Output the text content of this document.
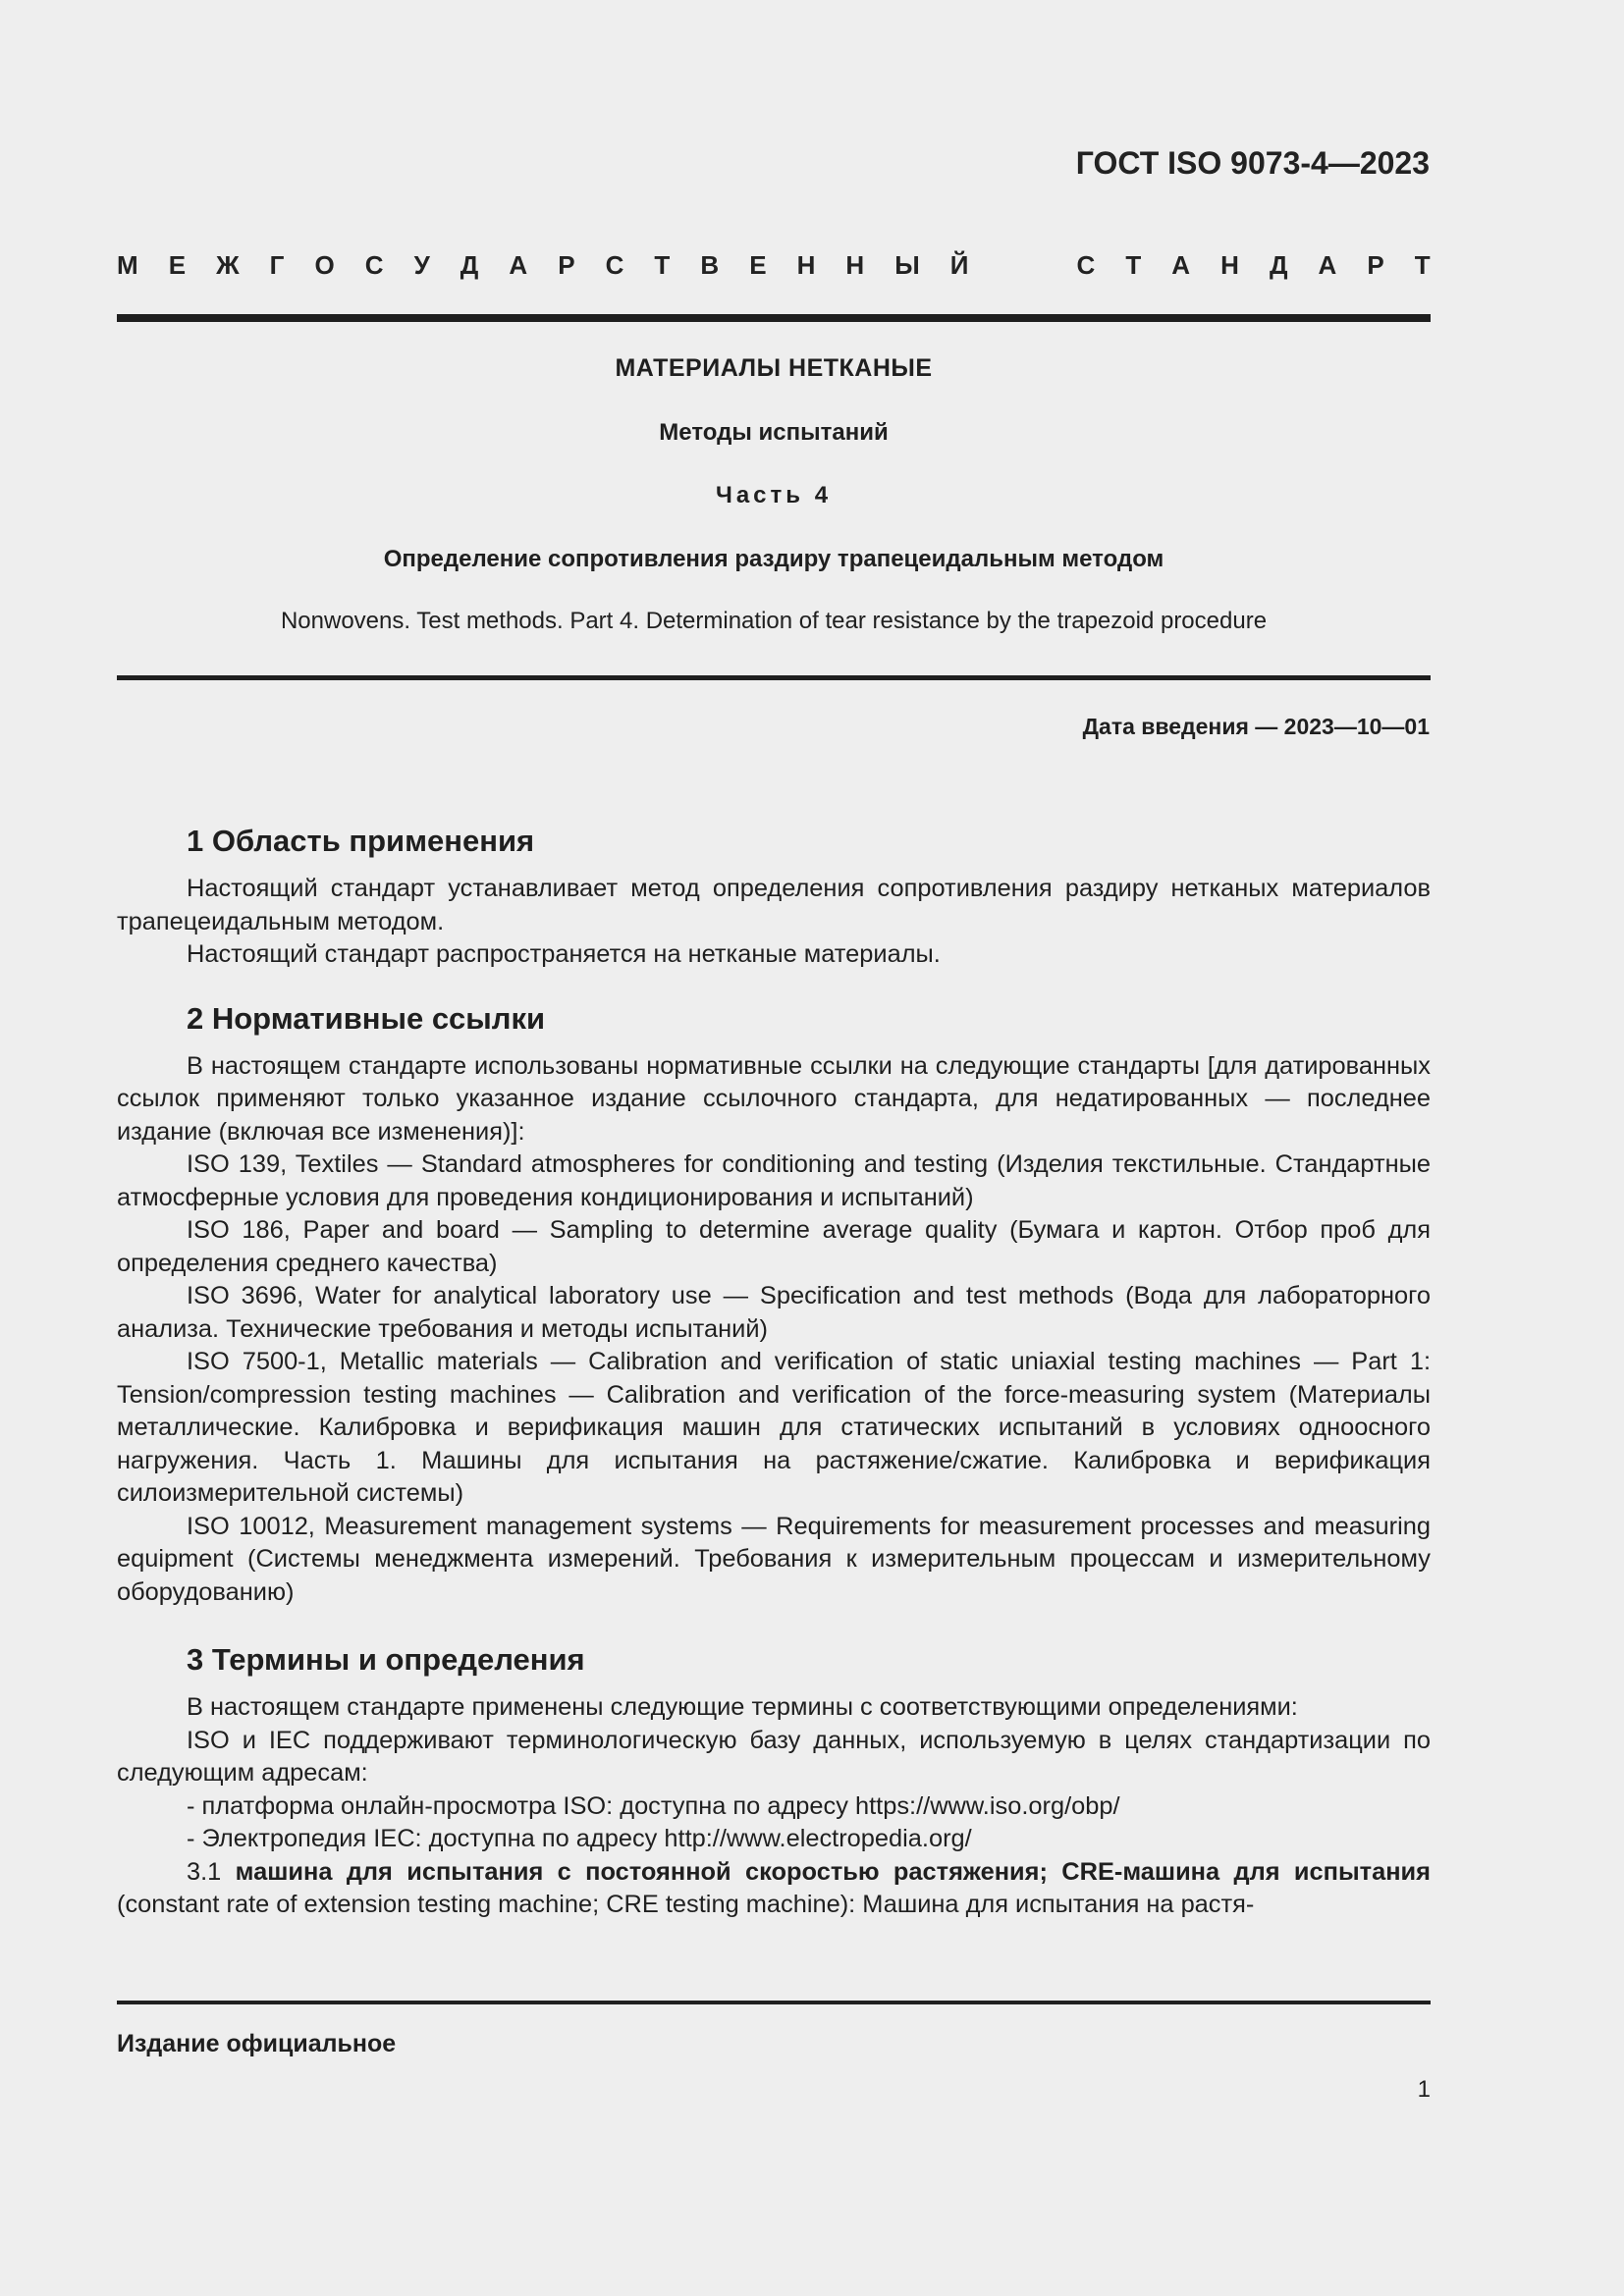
ГОСТ ISO 9073-4—2023
М Е Ж Г О С У Д А Р С Т В Е Н Н Ы Й	С Т А Н Д А Р Т
МАТЕРИАЛЫ НЕТКАНЫЕ
Методы испытаний
Часть 4
Определение сопротивления раздиру трапецеидальным методом
Nonwovens. Test methods. Part 4. Determination of tear resistance by the trapezoid procedure
Дата введения — 2023—10—01
1 Область применения

Настоящий стандарт устанавливает метод определения сопротивления раздиру нетканых материалов трапецеидальным методом.

Настоящий стандарт распространяется на нетканые материалы.

2 Нормативные ссылки

В настоящем стандарте использованы нормативные ссылки на следующие стандарты [для датированных ссылок применяют только указанное издание ссылочного стандарта, для недатированных — последнее издание (включая все изменения)]:

ISO 139, Textiles — Standard atmospheres for conditioning and testing (Изделия текстильные. Стандартные атмосферные условия для проведения кондиционирования и испытаний)

ISO 186, Paper and board — Sampling to determine average quality (Бумага и картон. Отбор проб для определения среднего качества)

ISO 3696, Water for analytical laboratory use — Specification and test methods (Вода для лабораторного анализа. Технические требования и методы испытаний)

ISO 7500-1, Metallic materials — Calibration and verification of static uniaxial testing machines — Part 1: Tension/compression testing machines — Calibration and verification of the force-measuring system (Материалы металлические. Калибровка и верификация машин для статических испытаний в условиях одноосного нагружения. Часть 1. Машины для испытания на растяжение/сжатие. Калибровка и верификация силоизмерительной системы)

ISO 10012, Measurement management systems — Requirements for measurement processes and measuring equipment (Системы менеджмента измерений. Требования к измерительным процессам и измерительному оборудованию)

3 Термины и определения

В настоящем стандарте применены следующие термины с соответствующими определениями:

ISO и IEC поддерживают терминологическую базу данных, используемую в целях стандартизации по следующим адресам:

- платформа онлайн-просмотра ISO: доступна по адресу https://www.iso.org/obp/

- Электропедия IEC: доступна по адресу http://www.electropedia.org/

3.1 машина для испытания с постоянной скоростью растяжения; CRE-машина для испытания (constant rate of extension testing machine; CRE testing machine): Машина для испытания на растя-

Издание официальное
1
